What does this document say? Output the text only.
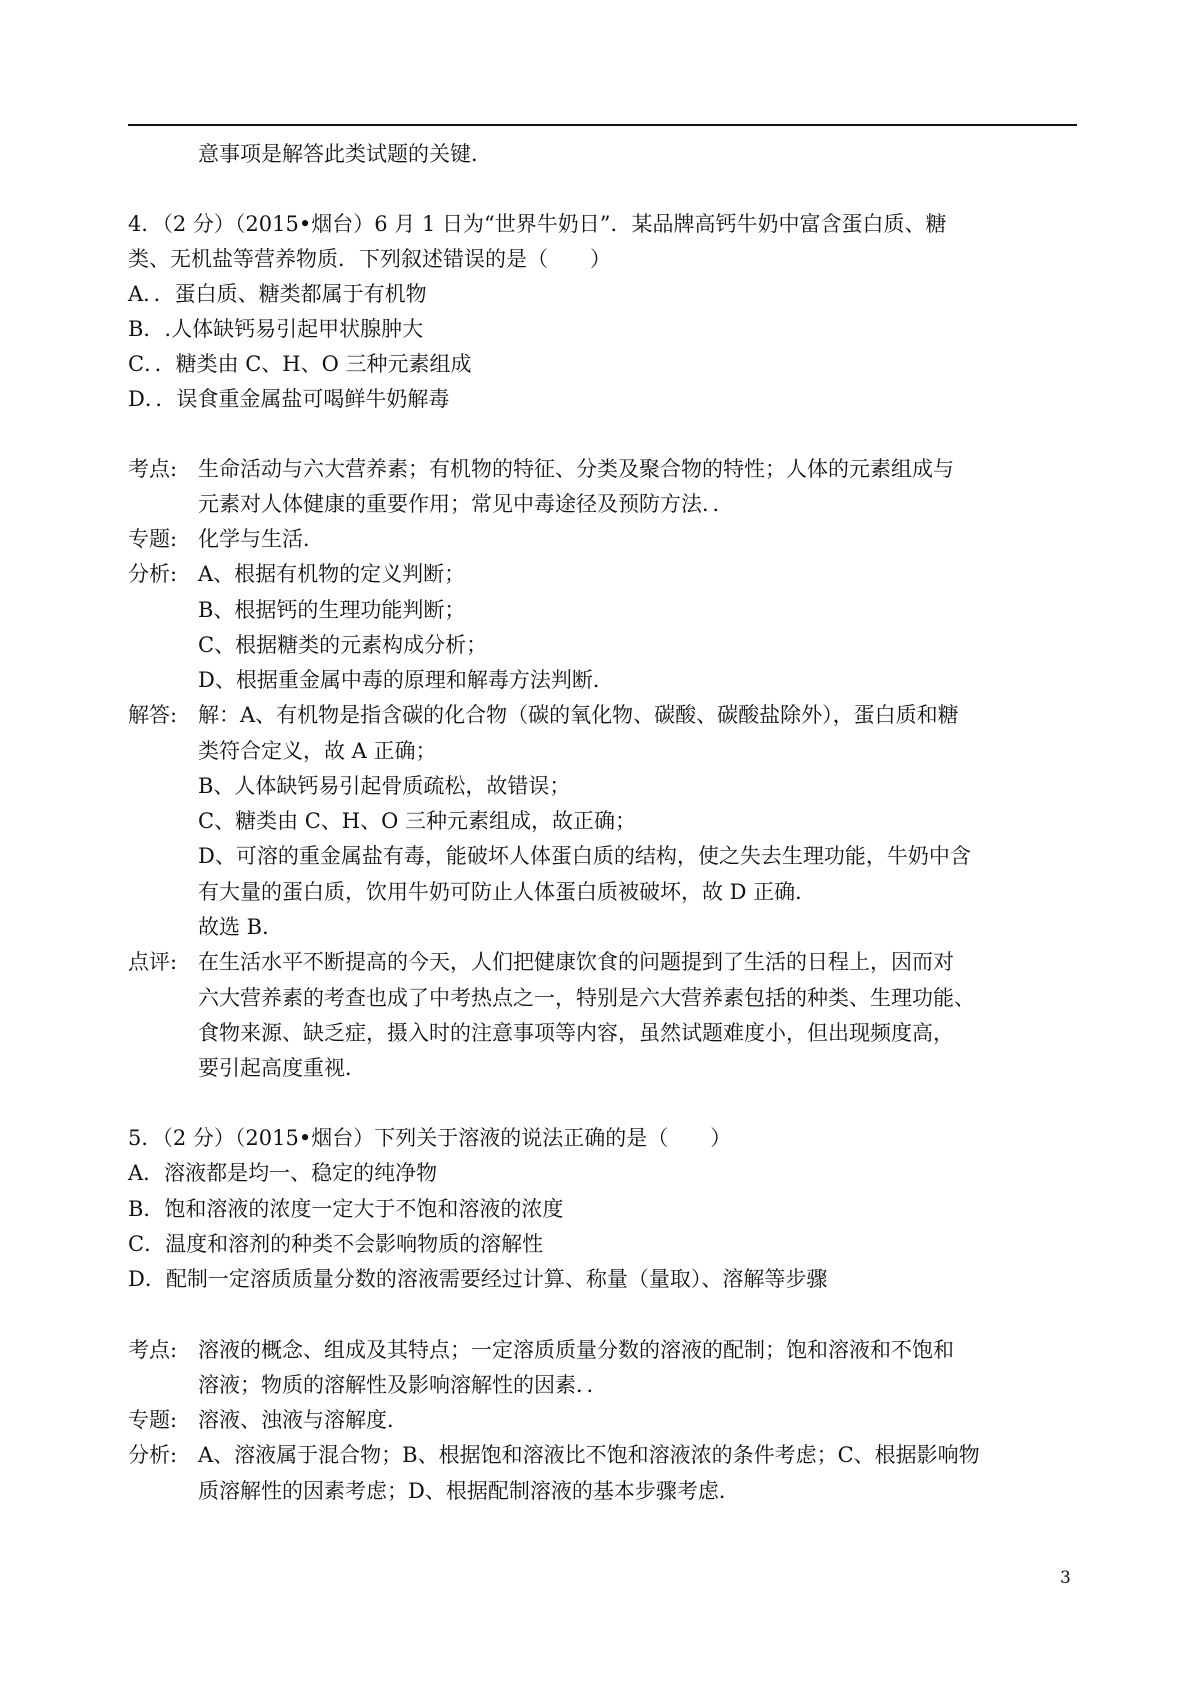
意事项是解答此类试题的关键．
4．（2 分）（2015•烟台）6 月 1 日为“世界牛奶日”．某品牌高钙牛奶中富含蛋白质、糖
类、无机盐等营养物质．下列叙述错误的是（　　）
A．．蛋白质、糖类都属于有机物
B．.人体缺钙易引起甲状腺肿大
C．．糖类由 C、H、O 三种元素组成
D．．误食重金属盐可喝鲜牛奶解毒
考点: 生命活动与六大营养素；有机物的特征、分类及聚合物的特性；人体的元素组成与
元素对人体健康的重要作用；常见中毒途径及预防方法．．
专题: 化学与生活．
分析: A、根据有机物的定义判断；
B、根据钙的生理功能判断；
C、根据糖类的元素构成分析；
D、根据重金属中毒的原理和解毒方法判断．
解答: 解：A、有机物是指含碳的化合物（碳的氧化物、碳酸、碳酸盐除外），蛋白质和糖
类符合定义，故 A 正确；
B、人体缺钙易引起骨质疏松，故错误；
C、糖类由 C、H、O 三种元素组成，故正确；
D、可溶的重金属盐有毒，能破坏人体蛋白质的结构，使之失去生理功能，牛奶中含
有大量的蛋白质，饮用牛奶可防止人体蛋白质被破坏，故 D 正确．
故选 B．
点评: 在生活水平不断提高的今天，人们把健康饮食的问题提到了生活的日程上，因而对
六大营养素的考查也成了中考热点之一，特别是六大营养素包括的种类、生理功能、
食物来源、缺乏症，摄入时的注意事项等内容，虽然试题难度小，但出现频度高，
要引起高度重视．
5．（2 分）（2015•烟台）下列关于溶液的说法正确的是（　　）
A．溶液都是均一、稳定的纯净物
B．饱和溶液的浓度一定大于不饱和溶液的浓度
C．温度和溶剂的种类不会影响物质的溶解性
D．配制一定溶质质量分数的溶液需要经过计算、称量（量取）、溶解等步骤
考点: 溶液的概念、组成及其特点；一定溶质质量分数的溶液的配制；饱和溶液和不饱和
溶液；物质的溶解性及影响溶解性的因素．．
专题: 溶液、浊液与溶解度．
分析: A、溶液属于混合物；B、根据饱和溶液比不饱和溶液浓的条件考虑；C、根据影响物
质溶解性的因素考虑；D、根据配制溶液的基本步骤考虑．
3
